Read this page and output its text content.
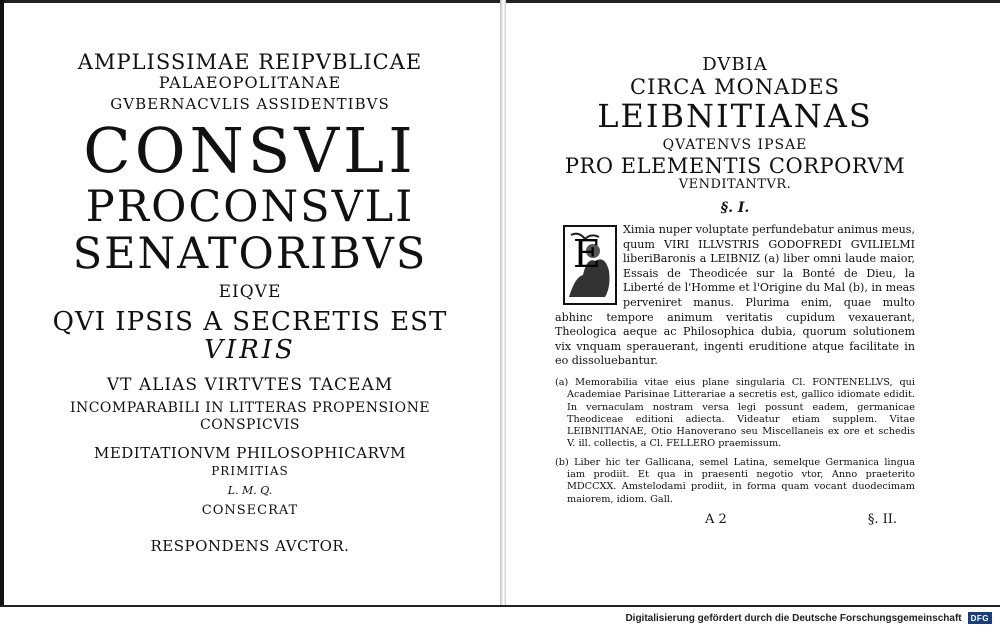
AMPLISSIMAE REIPVBLICAE

PALAEOPOLITANAE

GVBERNACVLIS ASSIDENTIBVS

CONSVLI

PROCONSVLI

SENATORIBVS

EIQVE

QVI IPSIS A SECRETIS EST

VIRIS

VT ALIAS VIRTVTES TACEAM

INCOMPARABILI IN LITTERAS PROPENSIONE CONSPICVIS

MEDITATIONVM PHILOSOPHICARVM

PRIMITIAS

L. M. Q.

CONSECRAT

RESPONDENS AVCTOR.

DVBIA

CIRCA MONADES

LEIBNITIANAS

QVATENVS IPSAE

PRO ELEMENTIS CORPORVM

VENDITANTVR.

§. I.

E

Ximia nuper voluptate perfundebatur animus meus, quum VIRI ILLVSTRIS GODOFREDI GVILIELMI liberiBaronis a LEIBNIZ (a) liber omni laude maior, Essais de Theodicée sur la Bonté de Dieu, la Liberté de l'Homme et l'Origine du Mal (b), in meas perveniret manus. Plurima enim, quae multo abhinc tempore animum veritatis cupidum vexauerant, Theologica aeque ac Philosophica dubia, quorum solutionem vix vnquam sperauerant, ingenti eruditione atque facilitate in eo dissoluebantur.

(a) Memorabilia vitae eius plane singularia Cl. FONTENELLVS, qui Academiae Parisinae Litterariae a secretis est, gallico idiomate edidit. In vernaculam nostram versa legi possunt eadem, germanicae Theodiceae editioni adiecta. Videatur etiam supplem. Vitae LEIBNITIANAE, Otio Hanoverano seu Miscellaneis ex ore et schedis V. ill. collectis, a Cl. FELLERO praemissum.

(b) Liber hic ter Gallicana, semel Latina, semelque Germanica lingua iam prodiit. Et qua in praesenti negotio vtor, Anno praeterito MDCCXX. Amstelodami prodiit, in forma quam vocant duodecimam maiorem, idiom. Gall.

A 2	§. II.
Digitalisierung gefördert durch die Deutsche Forschungsgemeinschaft	DFG
